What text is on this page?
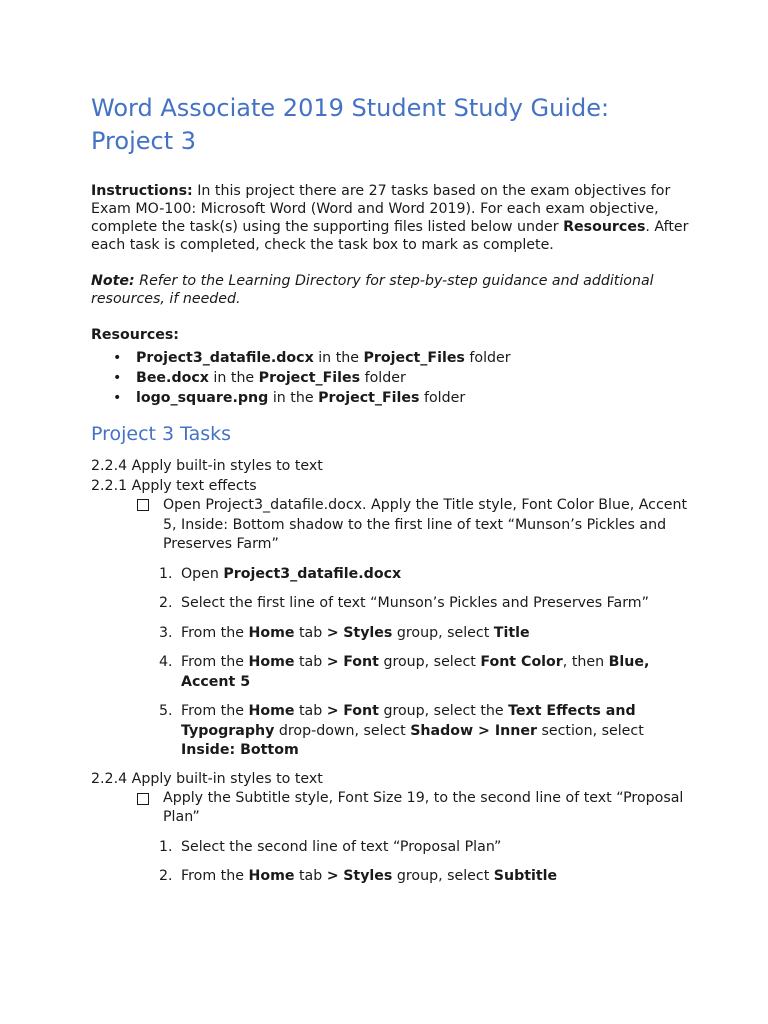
Word Associate 2019 Student Study Guide:
Project 3

Instructions: In this project there are 27 tasks based on the exam objectives for Exam MO-100: Microsoft Word (Word and Word 2019). For each exam objective, complete the task(s) using the supporting files listed below under Resources. After each task is completed, check the task box to mark as complete.

Note: Refer to the Learning Directory for step-by-step guidance and additional resources, if needed.

Resources:

• Project3_datafile.docx in the Project_Files folder
• Bee.docx in the Project_Files folder
• logo_square.png in the Project_Files folder
Project 3 Tasks

2.2.4 Apply built-in styles to text

2.2.1 Apply text effects

Open Project3_datafile.docx. Apply the Title style, Font Color Blue, Accent 5, Inside: Bottom shadow to the first line of text “Munson’s Pickles and Preserves Farm”
1. Open Project3_datafile.docx
2. Select the first line of text “Munson’s Pickles and Preserves Farm”
3. From the Home tab > Styles group, select Title
4. From the Home tab > Font group, select Font Color, then Blue, Accent 5
5. From the Home tab > Font group, select the Text Effects and Typography drop-down, select Shadow > Inner section, select Inside: Bottom

2.2.4 Apply built-in styles to text

Apply the Subtitle style, Font Size 19, to the second line of text “Proposal Plan”
1. Select the second line of text “Proposal Plan”
2. From the Home tab > Styles group, select Subtitle
